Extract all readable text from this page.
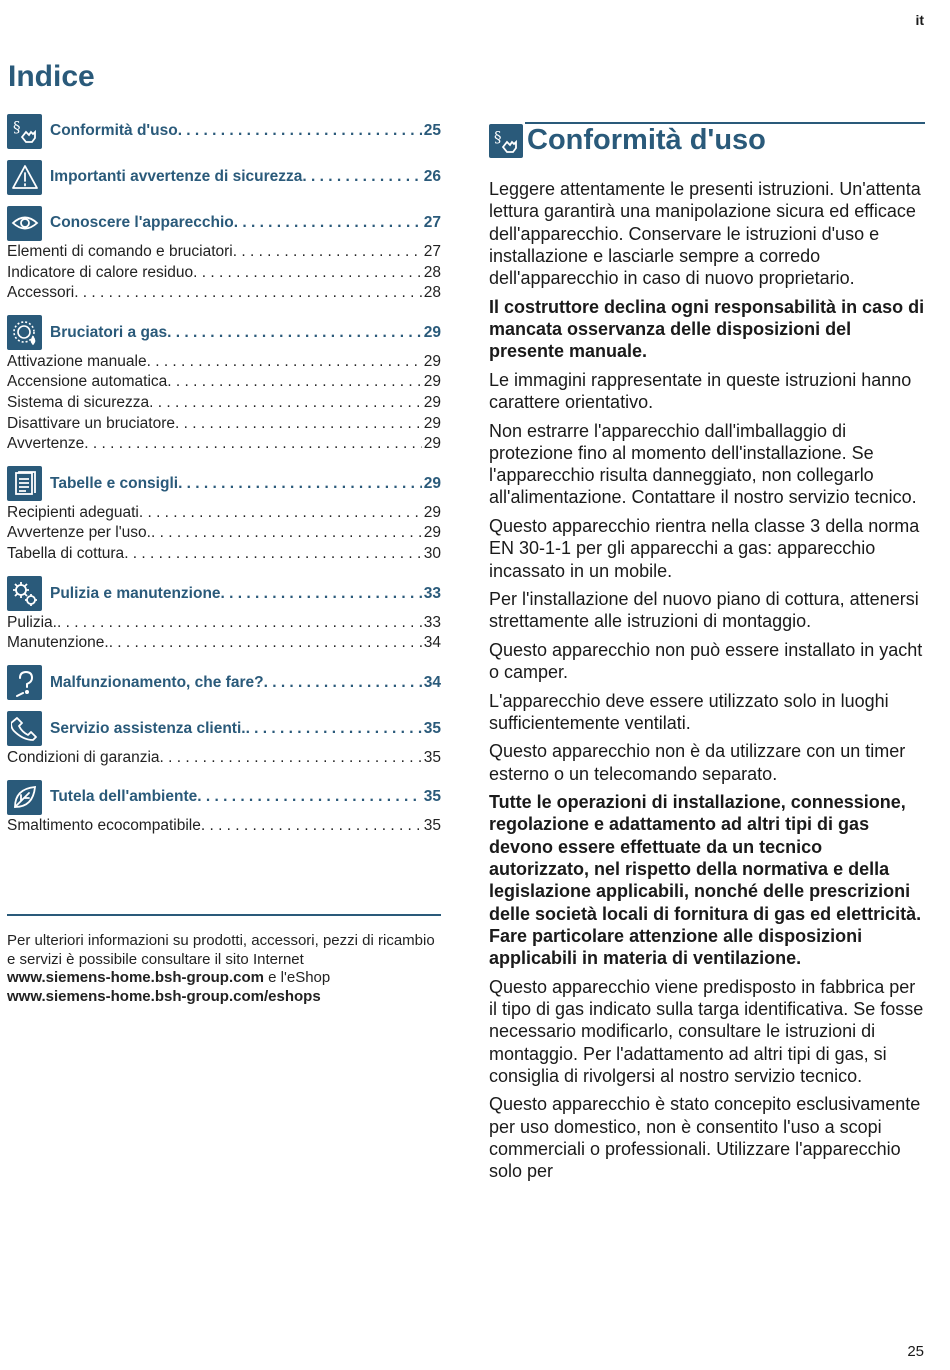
it
Indice
§ Conformità d'uso . . .	25
Importanti avvertenze di sicurezza . . .	26
Conoscere l'apparecchio . . .	27
Elementi di comando e bruciatori . . .	27
Indicatore di calore residuo . . .	28
Accessori . . .	28
Bruciatori a gas . . .	29
Attivazione manuale . . .	29
Accensione automatica . . .	29
Sistema di sicurezza . . .	29
Disattivare un bruciatore . . .	29
Avvertenze . . .	29
Tabelle e consigli . . .	29
Recipienti adeguati . . .	29
Avvertenze per l'uso. . . .	29
Tabella di cottura . . .	30
Pulizia e manutenzione . . .	33
Pulizia. . . .	33
Manutenzione. . . .	34
Malfunzionamento, che fare? . . .	34
Servizio assistenza clienti. . . .	35
Condizioni di garanzia . . .	35
Tutela dell'ambiente . . .	35
Smaltimento ecocompatibile . . .	35
Per ulteriori informazioni su prodotti, accessori, pezzi di ricambio e servizi è possibile consultare il sito Internet
www.siemens-home.bsh-group.com e l'eShop
www.siemens-home.bsh-group.com/eshops
§ Conformità d'uso

Leggere attentamente le presenti istruzioni. Un'attenta lettura garantirà una manipolazione sicura ed efficace dell'apparecchio. Conservare le istruzioni d'uso e installazione e lasciarle sempre a corredo dell'apparecchio in caso di nuovo proprietario.

Il costruttore declina ogni responsabilità in caso di mancata osservanza delle disposizioni del presente manuale.

Le immagini rappresentate in queste istruzioni hanno carattere orientativo.

Non estrarre l'apparecchio dall'imballaggio di protezione fino al momento dell'installazione. Se l'apparecchio risulta danneggiato, non collegarlo all'alimentazione. Contattare il nostro servizio tecnico.

Questo apparecchio rientra nella classe 3 della norma EN 30-1-1 per gli apparecchi a gas: apparecchio incassato in un mobile.

Per l'installazione del nuovo piano di cottura, attenersi strettamente alle istruzioni di montaggio.

Questo apparecchio non può essere installato in yacht o camper.

L'apparecchio deve essere utilizzato solo in luoghi sufficientemente ventilati.

Questo apparecchio non è da utilizzare con un timer esterno o un telecomando separato.

Tutte le operazioni di installazione, connessione, regolazione e adattamento ad altri tipi di gas devono essere effettuate da un tecnico autorizzato, nel rispetto della normativa e della legislazione applicabili, nonché delle prescrizioni delle società locali di fornitura di gas ed elettricità. Fare particolare attenzione alle disposizioni applicabili in materia di ventilazione.

Questo apparecchio viene predisposto in fabbrica per il tipo di gas indicato sulla targa identificativa. Se fosse necessario modificarlo, consultare le istruzioni di montaggio. Per l'adattamento ad altri tipi di gas, si consiglia di rivolgersi al nostro servizio tecnico.

Questo apparecchio è stato concepito esclusivamente per uso domestico, non è consentito l'uso a scopi commerciali o professionali. Utilizzare l'apparecchio solo per

25
